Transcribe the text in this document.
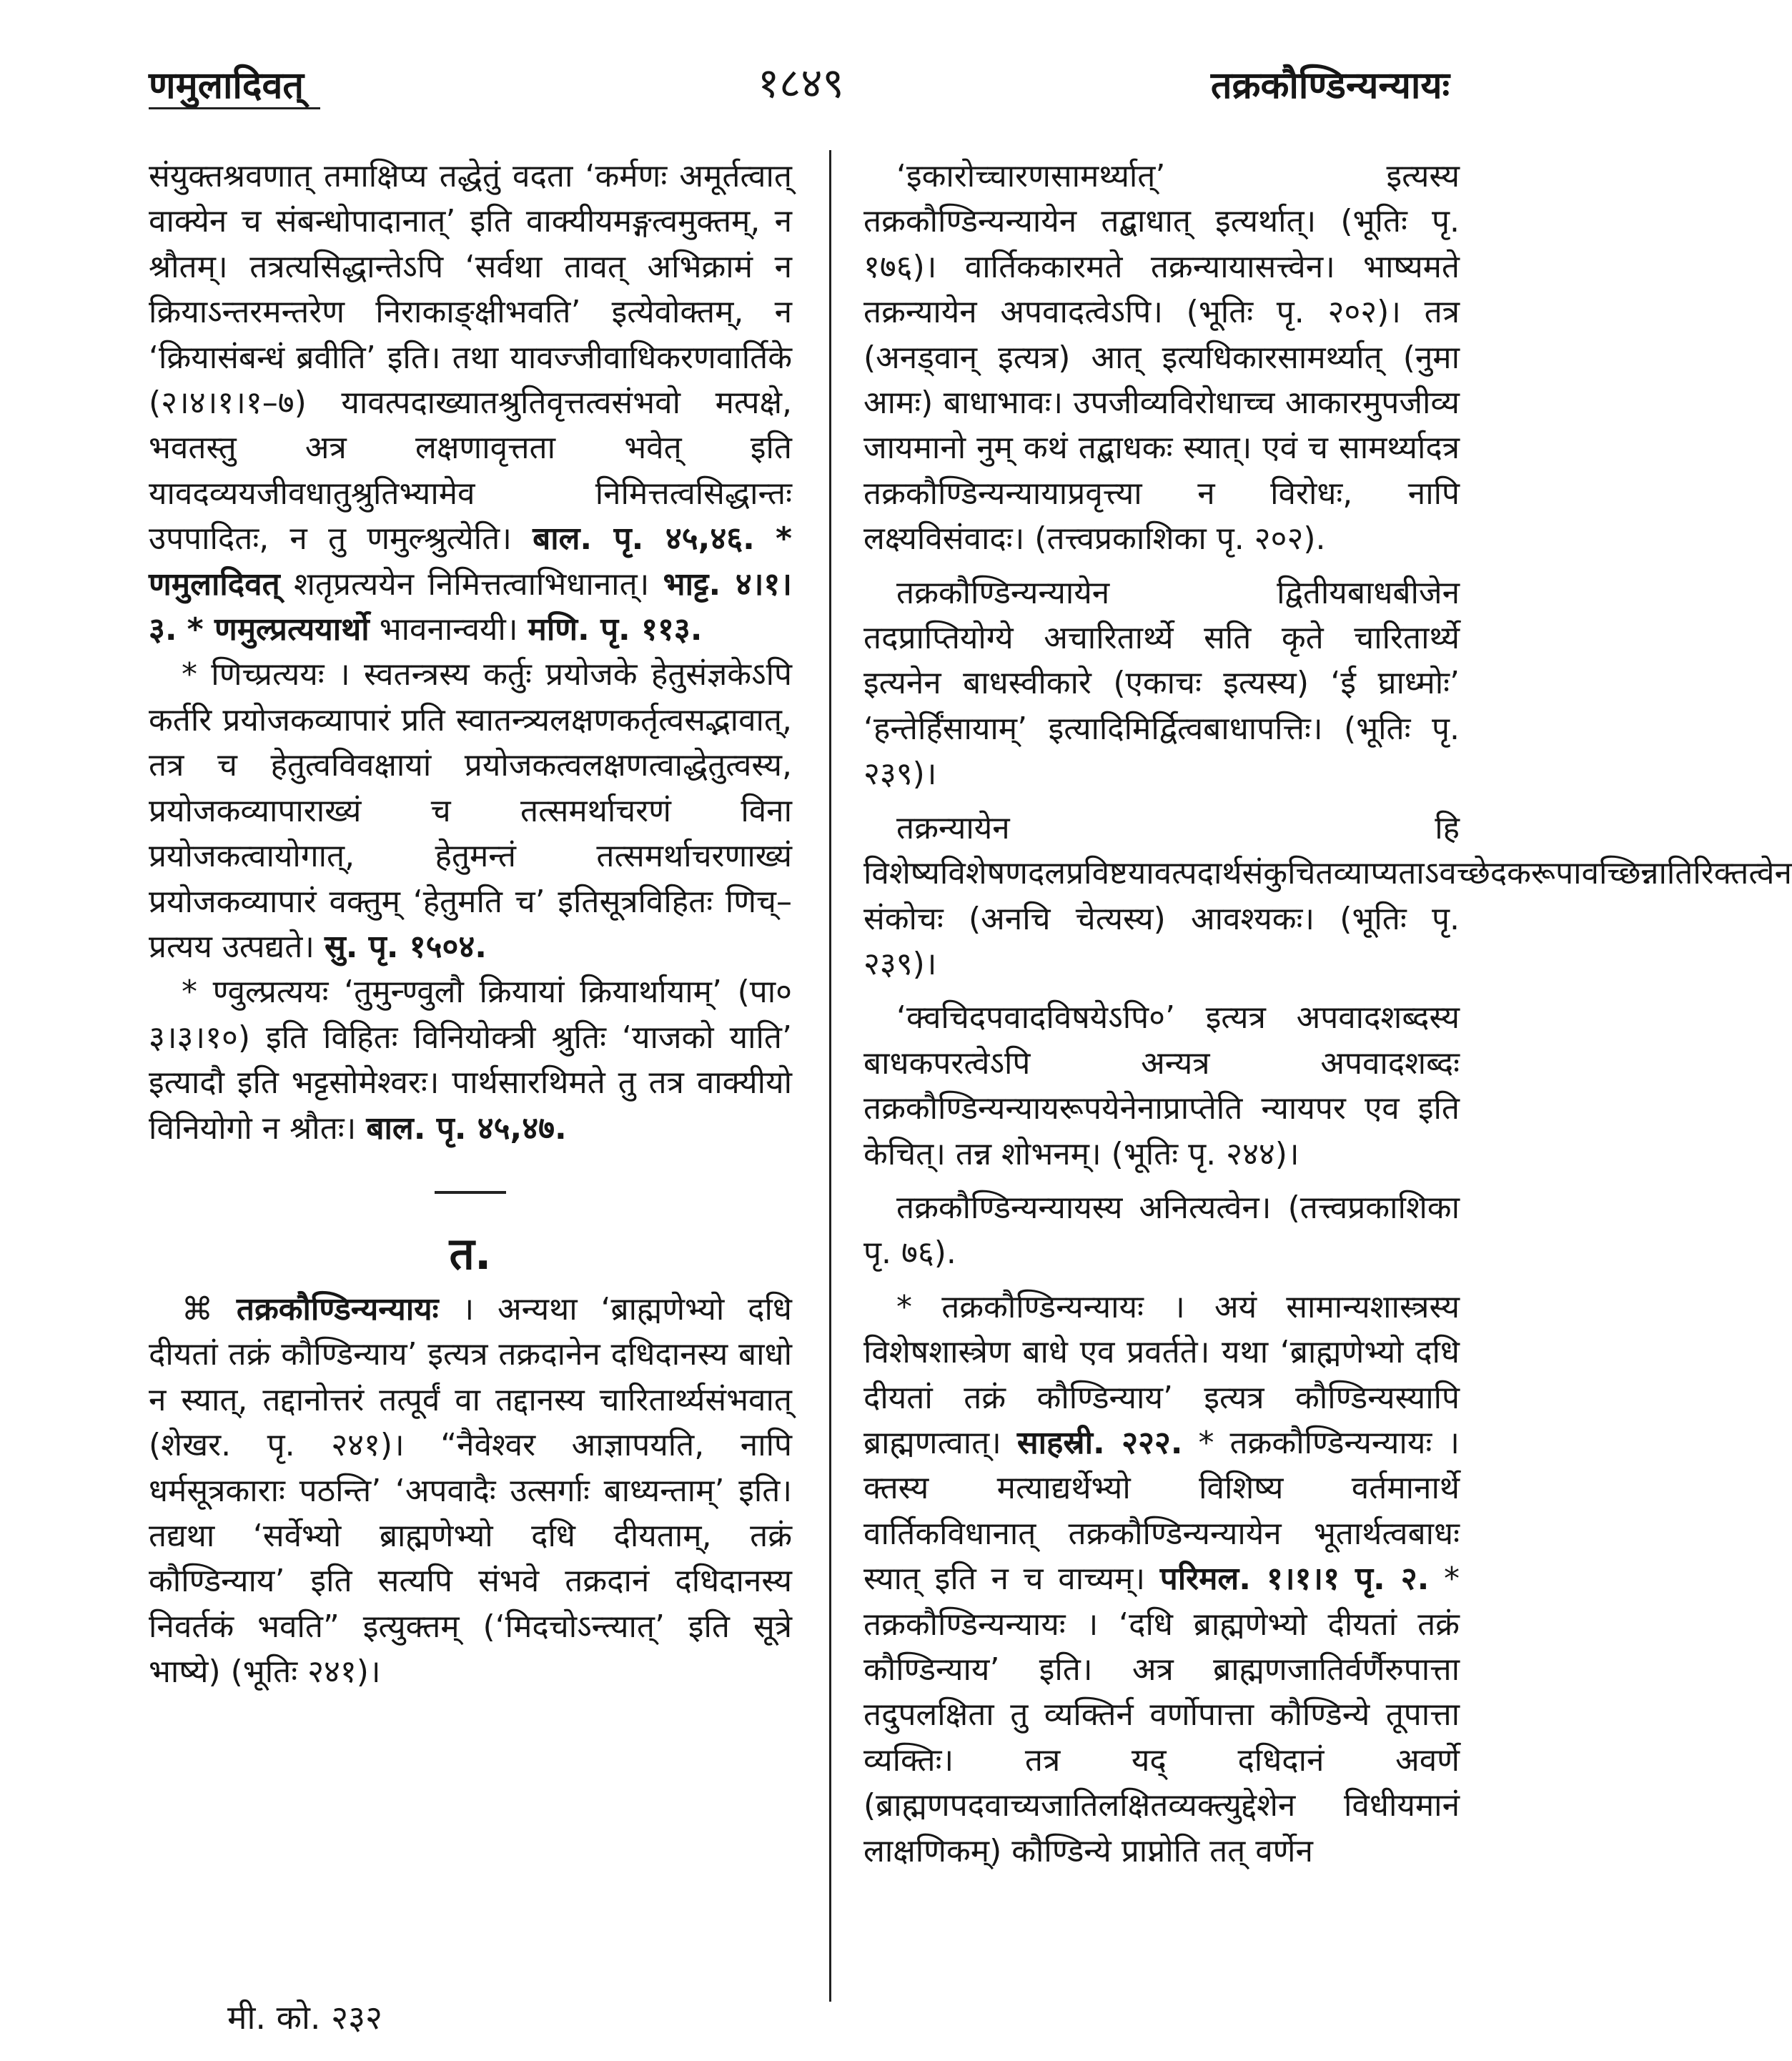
णमुलादिवत्	१८४९	तक्रकौण्डिन्यन्यायः

संयुक्तश्रवणात् तमाक्षिप्य तद्धेतुं वदता ‘कर्मणः अमूर्तत्वात् वाक्येन च संबन्धोपादानात्’ इति वाक्यीयमङ्गत्वमुक्तम्, न श्रौतम्। तत्रत्यसिद्धान्तेऽपि ‘सर्वथा तावत् अभिक्रामं न क्रियाऽन्तरमन्तरेण निराकाङ्क्षीभवति’ इत्येवोक्तम्, न ‘क्रियासंबन्धं ब्रवीति’ इति। तथा यावज्जीवाधिकरणवार्तिके (२।४।१।१–७) यावत्पदाख्यातश्रुतिवृत्तत्वसंभवो मत्पक्षे, भवतस्तु अत्र लक्षणावृत्तता भवेत् इति यावदव्ययजीवधातुश्रुतिभ्यामेव निमित्तत्वसिद्धान्तः उपपादितः, न तु णमुल्श्रुत्येति। बाल. पृ. ४५,४६. * णमुलादिवत् शतृप्रत्ययेन निमित्तत्वाभिधानात्। भाट्ट. ४।१।३. * णमुल्प्रत्ययार्थो भावनान्वयी। मणि. पृ. ११३.

* णिच्प्रत्ययः । स्वतन्त्रस्य कर्तुः प्रयोजके हेतुसंज्ञकेऽपि कर्तरि प्रयोजकव्यापारं प्रति स्वातन्त्र्यलक्षणकर्तृत्वसद्भावात्, तत्र च हेतुत्वविवक्षायां प्रयोजकत्वलक्षणत्वाद्धेतुत्वस्य, प्रयोजकव्यापाराख्यं च तत्समर्थाचरणं विना प्रयोजकत्वायोगात्, हेतुमन्तं तत्समर्थाचरणाख्यं प्रयोजकव्यापारं वक्तुम् ‘हेतुमति च’ इतिसूत्रविहितः णिच्–प्रत्यय उत्पद्यते। सु. पृ. १५०४.

* ण्वुल्प्रत्ययः ‘तुमुन्ण्वुलौ क्रियायां क्रियार्थायाम्’ (पा० ३।३।१०) इति विहितः विनियोक्त्री श्रुतिः ‘याजको याति’ इत्यादौ इति भट्टसोमेश्वरः। पार्थसारथिमते तु तत्र वाक्यीयो विनियोगो न श्रौतः। बाल. पृ. ४५,४७.

त.

⌘ तक्रकौण्डिन्यन्यायः । अन्यथा ‘ब्राह्मणेभ्यो दधि दीयतां तक्रं कौण्डिन्याय’ इत्यत्र तक्रदानेन दधिदानस्य बाधो न स्यात्, तद्दानोत्तरं तत्पूर्वं वा तद्दानस्य चारितार्थ्यसंभवात् (शेखर. पृ. २४१)। “नैवेश्वर आज्ञापयति, नापि धर्मसूत्रकाराः पठन्ति’ ‘अपवादैः उत्सर्गाः बाध्यन्ताम्’ इति। तद्यथा ‘सर्वेभ्यो ब्राह्मणेभ्यो दधि दीयताम्, तक्रं कौण्डिन्याय’ इति सत्यपि संभवे तक्रदानं दधिदानस्य निवर्तकं भवति” इत्युक्तम् (‘मिदचोऽन्त्यात्’ इति सूत्रे भाष्ये) (भूतिः २४१)।

‘इकारोच्चारणसामर्थ्यात्’ इत्यस्य तक्रकौण्डिन्यन्यायेन तद्बाधात् इत्यर्थात्। (भूतिः पृ. १७६)। वार्तिककारमते तक्रन्यायासत्त्वेन। भाष्यमते तक्रन्यायेन अपवादत्वेऽपि। (भूतिः पृ. २०२)। तत्र (अनड्वान् इत्यत्र) आत् इत्यधिकारसामर्थ्यात् (नुमा आमः) बाधाभावः। उपजीव्यविरोधाच्च आकारमुपजीव्य जायमानो नुम् कथं तद्बाधकः स्यात्। एवं च सामर्थ्यादत्र तक्रकौण्डिन्यन्यायाप्रवृत्त्या न विरोधः, नापि लक्ष्यविसंवादः। (तत्त्वप्रकाशिका पृ. २०२).

तक्रकौण्डिन्यन्यायेन द्वितीयबाधबीजेन तदप्राप्तियोग्ये अचारितार्थ्ये सति कृते चारितार्थ्ये इत्यनेन बाधस्वीकारे (एकाचः इत्यस्य) ‘ई घ्राध्मोः’ ‘हन्तेर्हिंसायाम्’ इत्यादिमिर्द्वित्वबाधापत्तिः। (भूतिः पृ. २३९)।

तक्रन्यायेन हि विशेष्यविशेषणदलप्रविष्टयावत्पदार्थसंकुचितव्याप्यताऽवच्छेदकरूपावच्छिन्नातिरिक्तत्वेन संकोचः (अनचि चेत्यस्य) आवश्यकः। (भूतिः पृ. २३९)।

‘क्वचिदपवादविषयेऽपि०’ इत्यत्र अपवादशब्दस्य बाधकपरत्वेऽपि अन्यत्र अपवादशब्दः तक्रकौण्डिन्यन्यायरूपयेनेनाप्राप्तेति न्यायपर एव इति केचित्। तन्न शोभनम्। (भूतिः पृ. २४४)।

तक्रकौण्डिन्यन्यायस्य अनित्यत्वेन। (तत्त्वप्रकाशिका पृ. ७६).

* तक्रकौण्डिन्यन्यायः । अयं सामान्यशास्त्रस्य विशेषशास्त्रेण बाधे एव प्रवर्तते। यथा ‘ब्राह्मणेभ्यो दधि दीयतां तक्रं कौण्डिन्याय’ इत्यत्र कौण्डिन्यस्यापि ब्राह्मणत्वात्। साहस्री. २२२. * तक्रकौण्डिन्यन्यायः । क्तस्य मत्याद्यर्थेभ्यो विशिष्य वर्तमानार्थे वार्तिकविधानात् तक्रकौण्डिन्यन्यायेन भूतार्थत्वबाधः स्यात् इति न च वाच्यम्। परिमल. १।१।१ पृ. २. * तक्रकौण्डिन्यन्यायः । ‘दधि ब्राह्मणेभ्यो दीयतां तक्रं कौण्डिन्याय’ इति। अत्र ब्राह्मणजातिर्वर्णैरुपात्ता तदुपलक्षिता तु व्यक्तिर्न वर्णोपात्ता कौण्डिन्ये तूपात्ता व्यक्तिः। तत्र यद् दधिदानं अवर्णे (ब्राह्मणपदवाच्यजातिलक्षितव्यक्त्युद्देशेन विधीयमानं लाक्षणिकम्) कौण्डिन्ये प्राप्नोति तत् वर्णेन

मी. को. २३२
